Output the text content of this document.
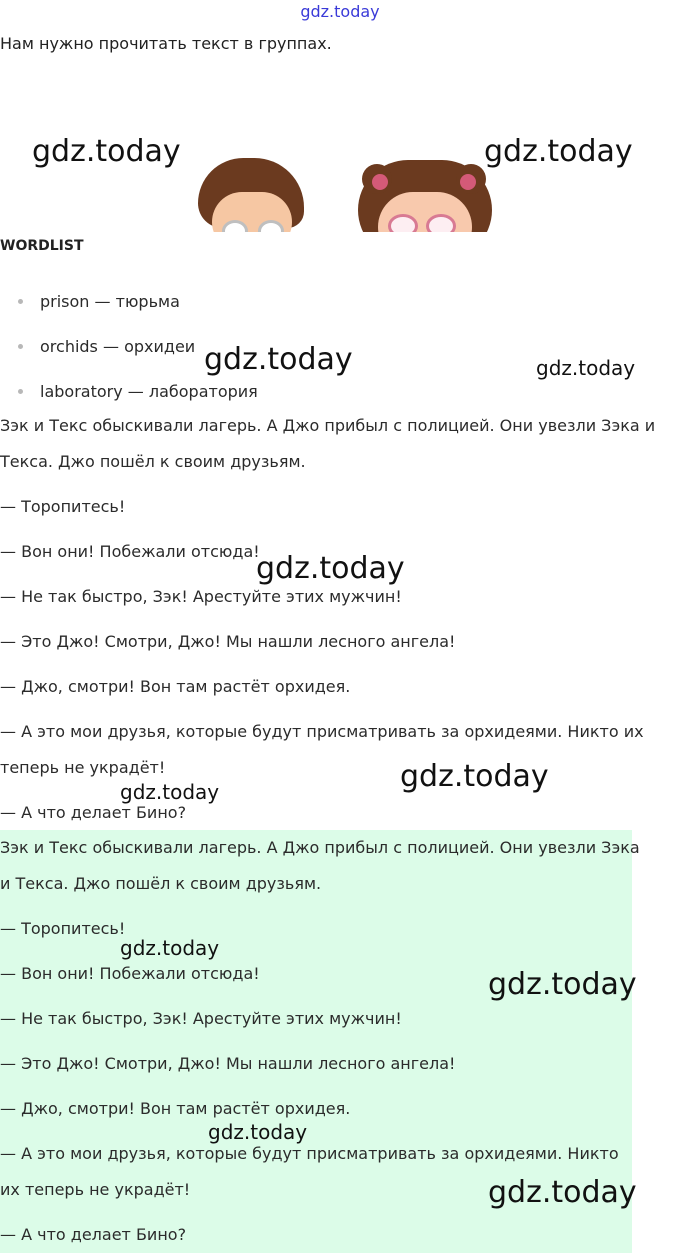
gdz.today
Нам нужно прочитать текст в группах.
WORDLIST
prison — тюрьма
orchids — орхидеи
laboratory — лаборатория
Зэк и Текс обыскивали лагерь. А Джо прибыл с полицией. Они увезли Зэка и
Текса. Джо пошёл к своим друзьям.
— Торопитесь!
— Вон они! Побежали отсюда!
— Не так быстро, Зэк! Арестуйте этих мужчин!
— Это Джо! Смотри, Джо! Мы нашли лесного ангела!
— Джо, смотри! Вон там растёт орхидея.
— А это мои друзья, которые будут присматривать за орхидеями. Никто их
теперь не украдёт!
— А что делает Бино?
Зэк и Текс обыскивали лагерь. А Джо прибыл с полицией. Они увезли Зэка
и Текса. Джо пошёл к своим друзьям.
— Торопитесь!
— Вон они! Побежали отсюда!
— Не так быстро, Зэк! Арестуйте этих мужчин!
— Это Джо! Смотри, Джо! Мы нашли лесного ангела!
— Джо, смотри! Вон там растёт орхидея.
— А это мои друзья, которые будут присматривать за орхидеями. Никто
их теперь не украдёт!
— А что делает Бино?
gdz.today	gdz.today
gdz.today	gdz.today
gdz.today
gdz.today
gdz.today
gdz.today
gdz.today
gdz.today
gdz.today
